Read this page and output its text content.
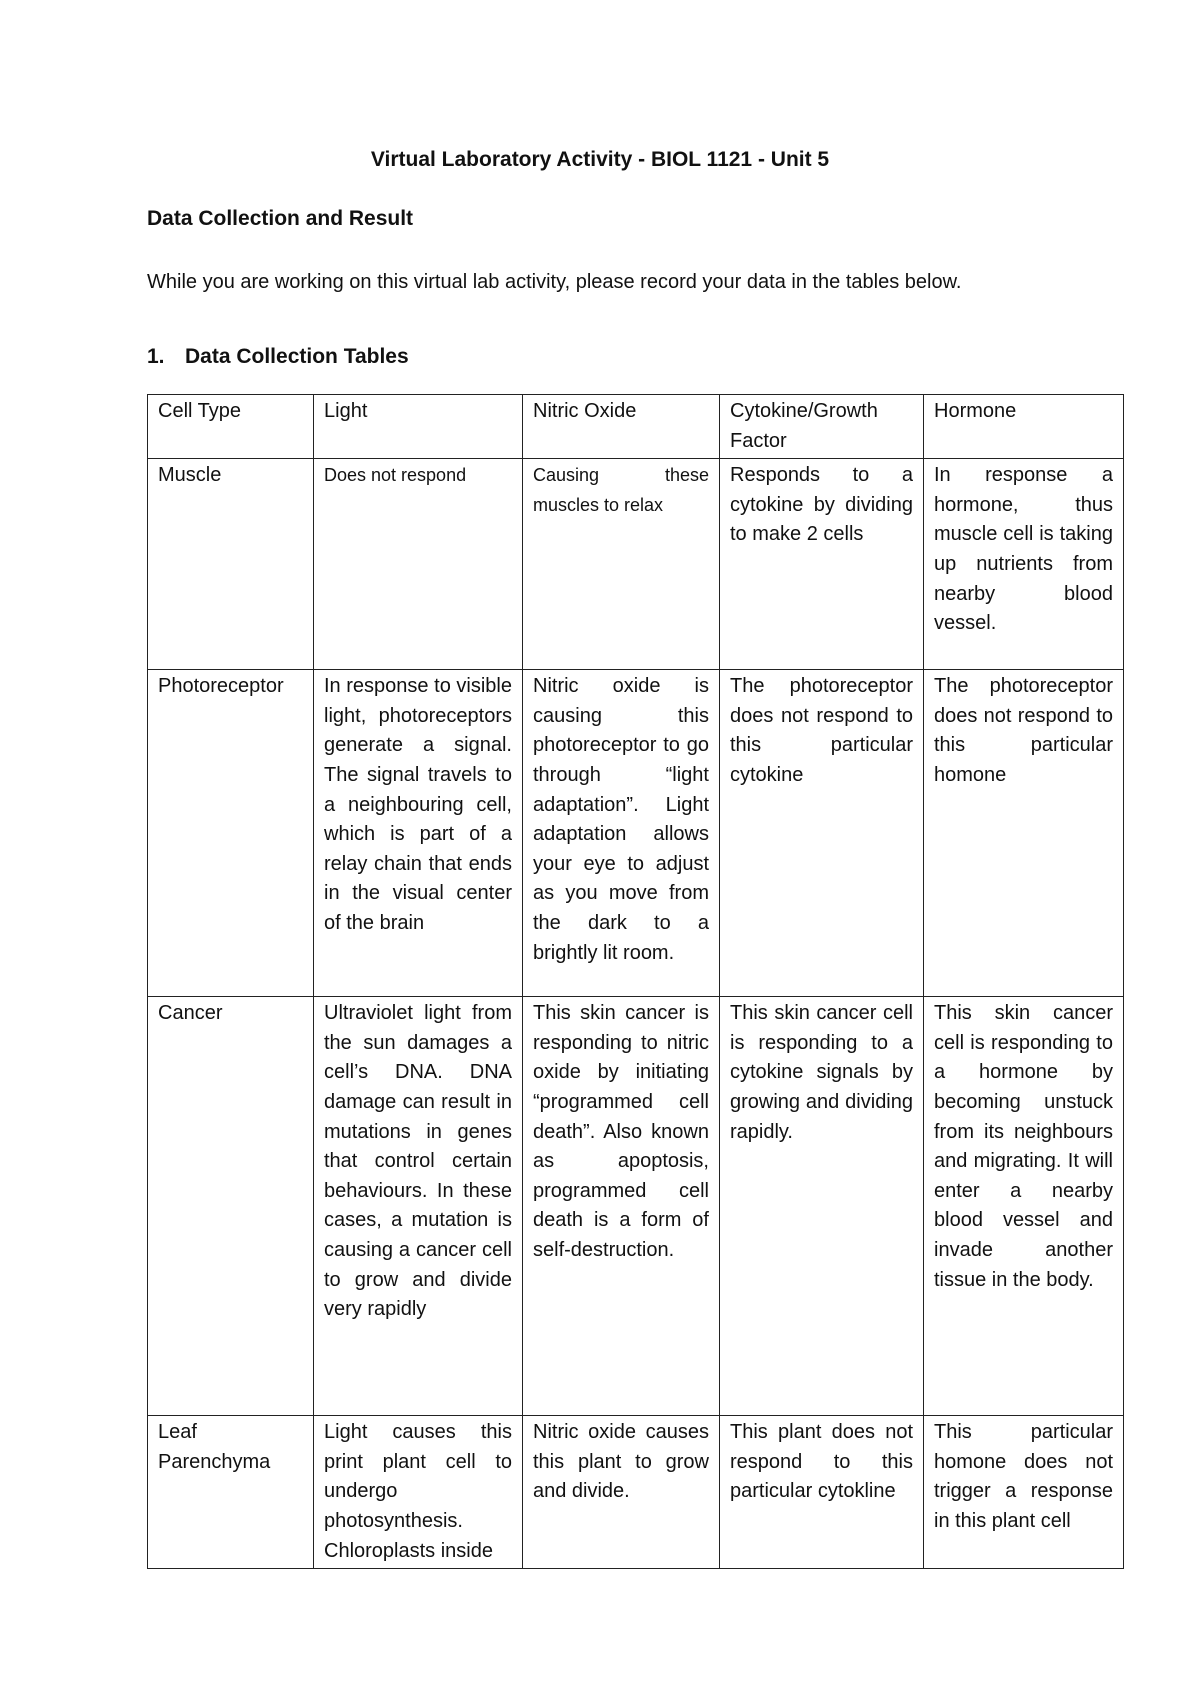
Virtual Laboratory Activity - BIOL 1121 - Unit 5
Data Collection and Result
While you are working on this virtual lab activity, please record your data in the tables below.
1. Data Collection Tables
Cell Type	Light	Nitric Oxide	Cytokine/Growth Factor	Hormone
Muscle	Does not respond	Causing these muscles to relax	Responds to a cytokine by dividing to make 2 cells	In response a hormone, thus muscle cell is taking up nutrients from nearby blood vessel.
Photoreceptor	In response to visible light, photoreceptors generate a signal. The signal travels to a neighbouring cell, which is part of a relay chain that ends in the visual center of the brain	Nitric oxide is causing this photoreceptor to go through “light adaptation”. Light adaptation allows your eye to adjust as you move from the dark to a brightly lit room.	The photoreceptor does not respond to this particular cytokine	The photoreceptor does not respond to this particular homone
Cancer	Ultraviolet light from the sun damages a cell’s DNA. DNA damage can result in mutations in genes that control certain behaviours. In these cases, a mutation is causing a cancer cell to grow and divide very rapidly	This skin cancer is responding to nitric oxide by initiating “programmed cell death”. Also known as apoptosis, programmed cell death is a form of self-destruction.	This skin cancer cell is responding to a cytokine signals by growing and dividing rapidly.	This skin cancer cell is responding to a hormone by becoming unstuck from its neighbours and migrating. It will enter a nearby blood vessel and invade another tissue in the body.
Leaf Parenchyma	Light causes this print plant cell to undergo photosynthesis. Chloroplasts inside	Nitric oxide causes this plant to grow and divide.	This plant does not respond to this particular cytokline	This particular homone does not trigger a response in this plant cell
